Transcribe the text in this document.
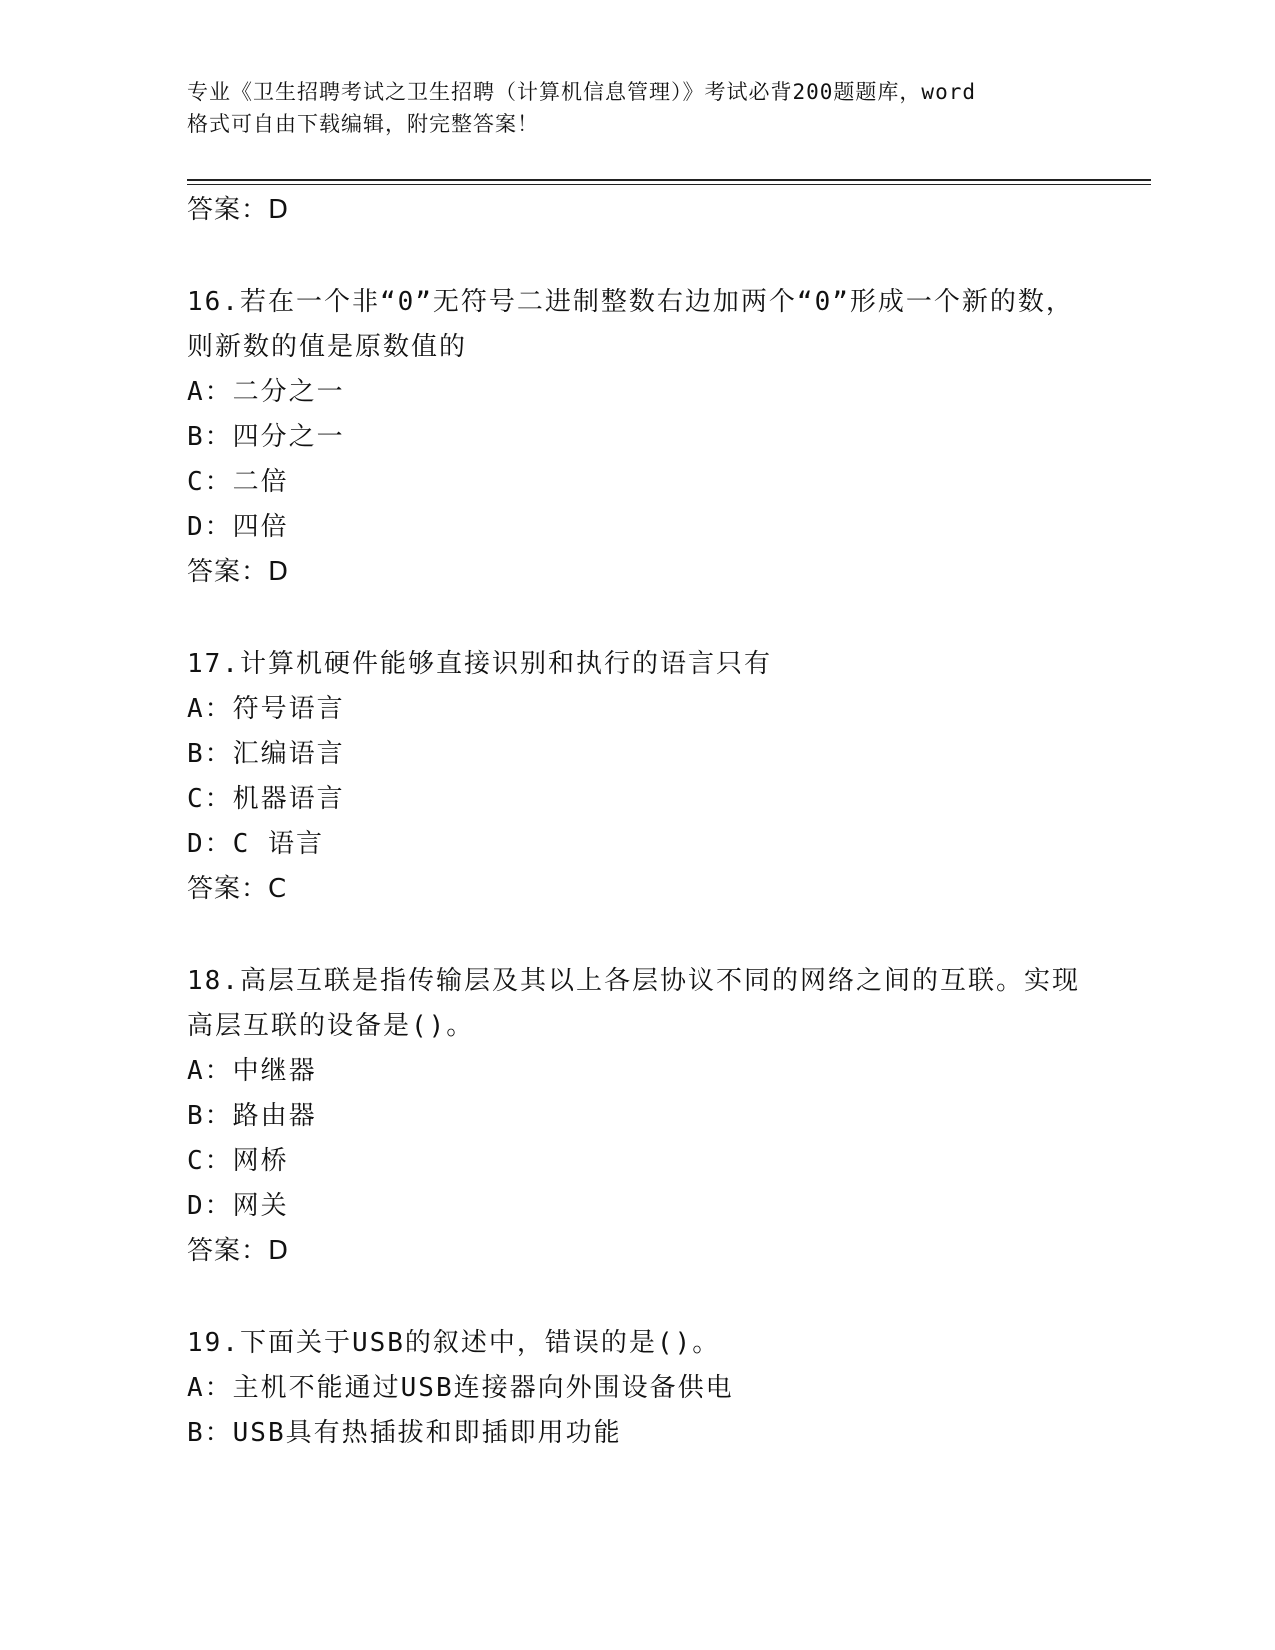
专业《卫生招聘考试之卫生招聘（计算机信息管理）》考试必背200题题库，word
格式可自由下载编辑，附完整答案！
答案：D
16.若在一个非“0”无符号二进制整数右边加两个“0”形成一个新的数，则新数的值是原数值的
A：二分之一
B：四分之一
C：二倍
D：四倍
答案：D
17.计算机硬件能够直接识别和执行的语言只有
A：符号语言
B：汇编语言
C：机器语言
D：C 语言
答案：C
18.高层互联是指传输层及其以上各层协议不同的网络之间的互联。实现高层互联的设备是()。
A：中继器
B：路由器
C：网桥
D：网关
答案：D
19.下面关于USB的叙述中，错误的是()。
A：主机不能通过USB连接器向外围设备供电
B：USB具有热插拔和即插即用功能
